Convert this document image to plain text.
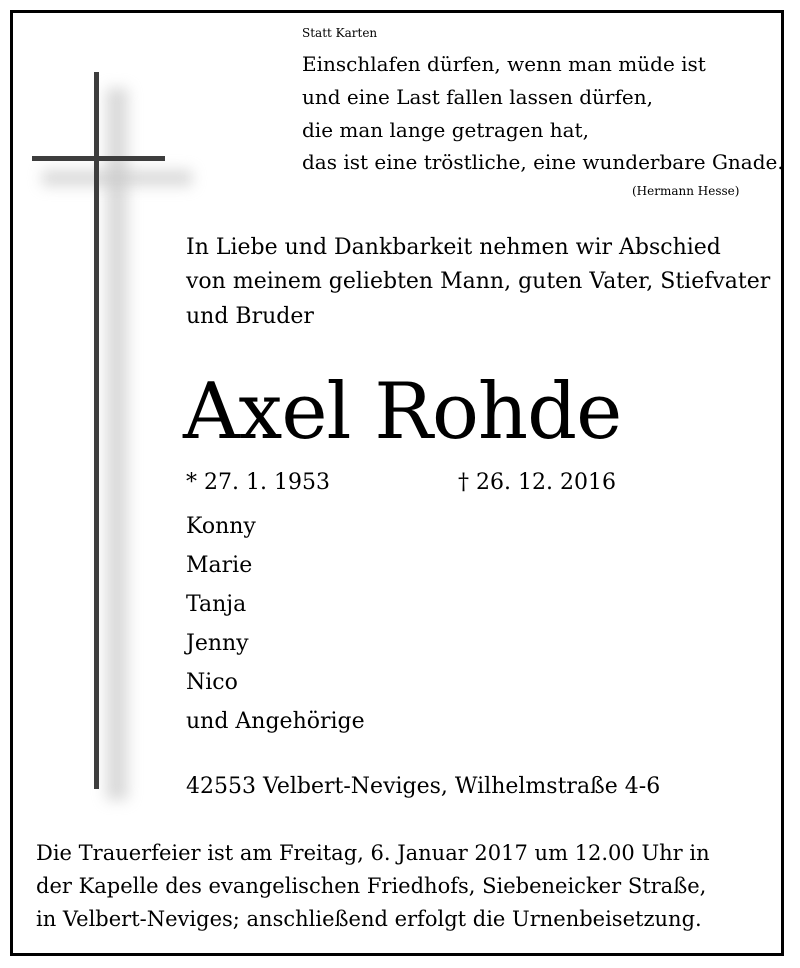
Statt Karten

Einschlafen dürfen, wenn man müde ist

und eine Last fallen lassen dürfen,

die man lange getragen hat,

das ist eine tröstliche, eine wunderbare Gnade.

(Hermann Hesse)

In Liebe und Dankbarkeit nehmen wir Abschied

von meinem geliebten Mann, guten Vater, Stiefvater

und Bruder

Axel Rohde

* 27. 1. 1953	† 26. 12. 2016

Konny

Marie

Tanja

Jenny

Nico

und Angehörige

42553 Velbert-Neviges, Wilhelmstraße 4-6

Die Trauerfeier ist am Freitag, 6. Januar 2017 um 12.00 Uhr in

der Kapelle des evangelischen Friedhofs, Siebeneicker Straße,

in Velbert-Neviges; anschließend erfolgt die Urnenbeisetzung.
